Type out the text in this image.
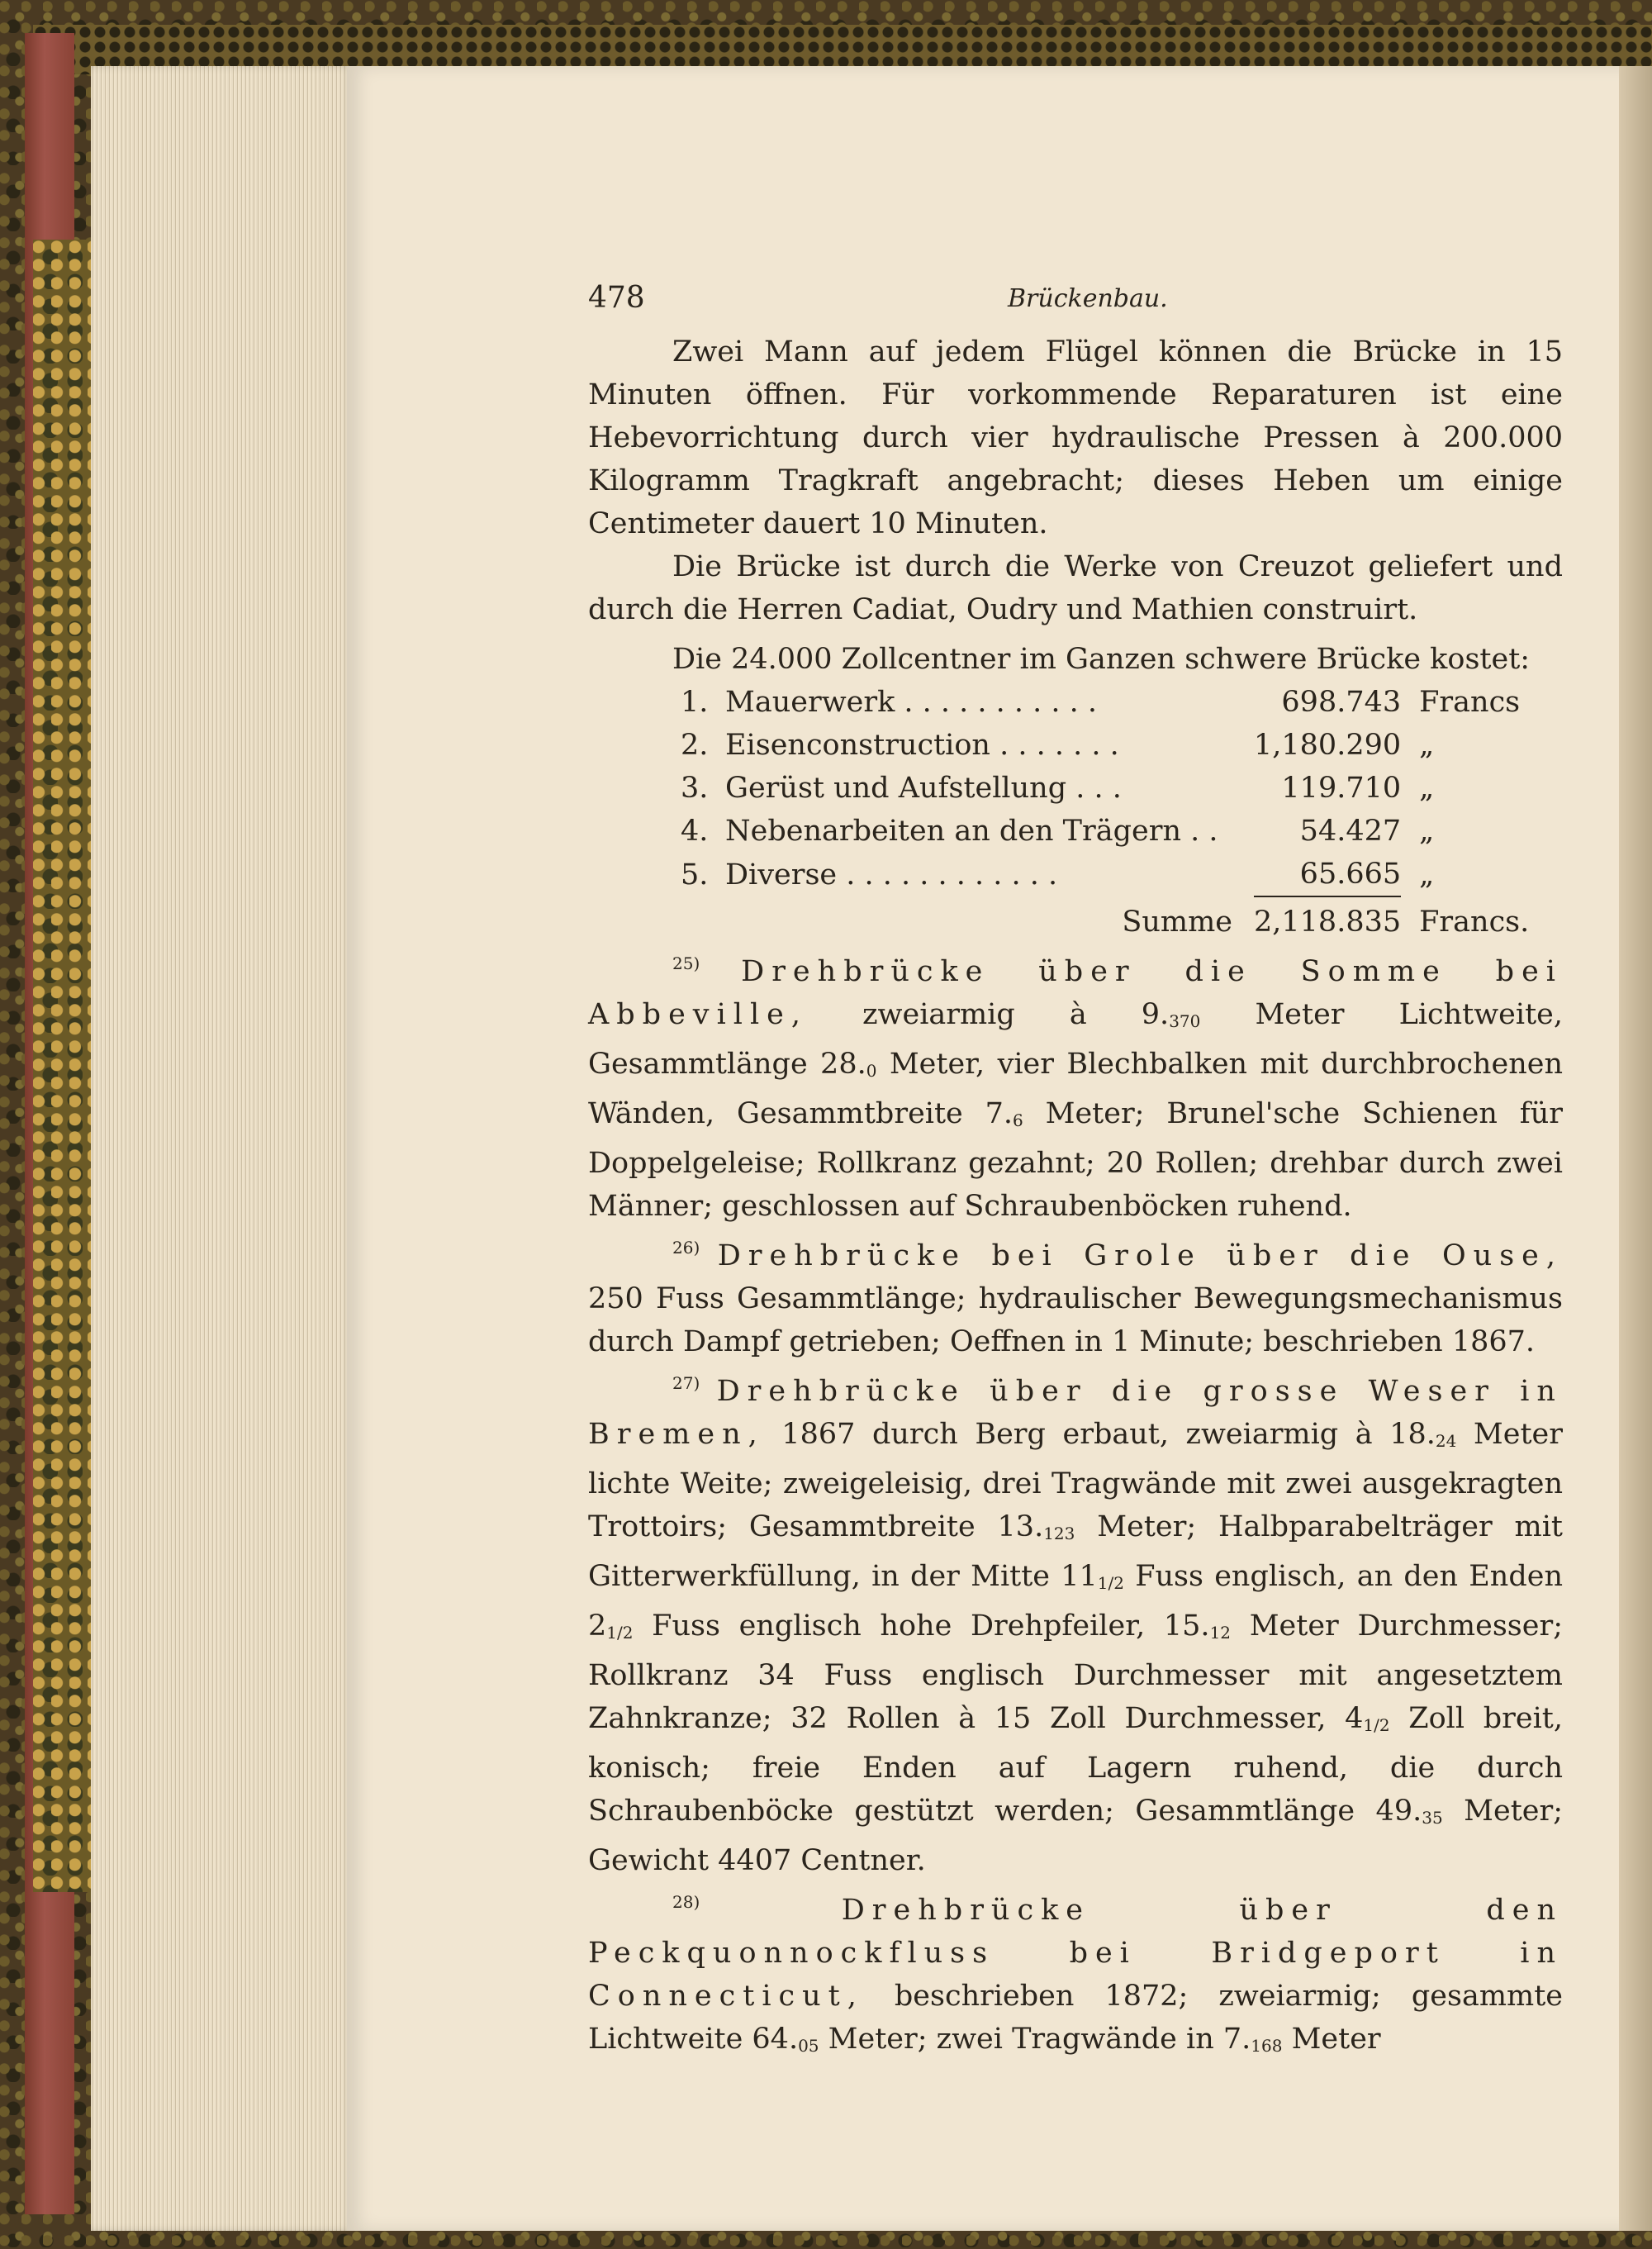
478	Brückenbau.

Zwei Mann auf jedem Flügel können die Brücke in 15 Minuten öffnen. Für vorkommende Reparaturen ist eine Hebevorrichtung durch vier hydraulische Pressen à 200.000 Kilogramm Tragkraft angebracht; dieses Heben um einige Centimeter dauert 10 Minuten.

Die Brücke ist durch die Werke von Creuzot geliefert und durch die Herren Cadiat, Oudry und Mathien construirt.

Die 24.000 Zollcentner im Ganzen schwere Brücke kostet:

1.	Mauerwerk . . . . . . . . . . .	698.743	Francs
2.	Eisenconstruction . . . . . . .	1,180.290	„
3.	Gerüst und Aufstellung . . .	119.710	„
4.	Nebenarbeiten an den Trägern . .	54.427	„
5.	Diverse . . . . . . . . . . . .	65.665	„
	Summe	2,118.835	Francs.

$^{25)}$ Drehbrücke über die Somme bei Abbeville, zweiarmig à $9._{370}$ Meter Lichtweite, Gesammtlänge $28._0$ Meter, vier Blechbalken mit durchbrochenen Wänden, Gesammtbreite $7._6$ Meter; Brunel'sche Schienen für Doppelgeleise; Rollkranz gezahnt; 20 Rollen; drehbar durch zwei Männer; geschlossen auf Schraubenböcken ruhend.

$^{26)}$ Drehbrücke bei Grole über die Ouse, 250 Fuss Gesammtlänge; hydraulischer Bewegungsmechanismus durch Dampf getrieben; Oeffnen in 1 Minute; beschrieben 1867.

$^{27)}$ Drehbrücke über die grosse Weser in Bremen, 1867 durch Berg erbaut, zweiarmig à $18._{24}$ Meter lichte Weite; zweigeleisig, drei Tragwände mit zwei ausgekragten Trottoirs; Gesammtbreite $13._{123}$ Meter; Halbparabelträger mit Gitterwerkfüllung, in der Mitte $11_{1/2}$ Fuss englisch, an den Enden $2_{1/2}$ Fuss englisch hohe Drehpfeiler, $15._{12}$ Meter Durchmesser; Rollkranz 34 Fuss englisch Durchmesser mit angesetztem Zahnkranze; 32 Rollen à 15 Zoll Durchmesser, $4_{1/2}$ Zoll breit, konisch; freie Enden auf Lagern ruhend, die durch Schraubenböcke gestützt werden; Gesammtlänge $49._{35}$ Meter; Gewicht 4407 Centner.

$^{28)}$	Drehbrücke über den Peckquonnockfluss bei Bridgeport in Connecticut, beschrieben 1872; zweiarmig; gesammte Lichtweite $64._{05}$ Meter; zwei Tragwände in $7._{168}$ Meter
